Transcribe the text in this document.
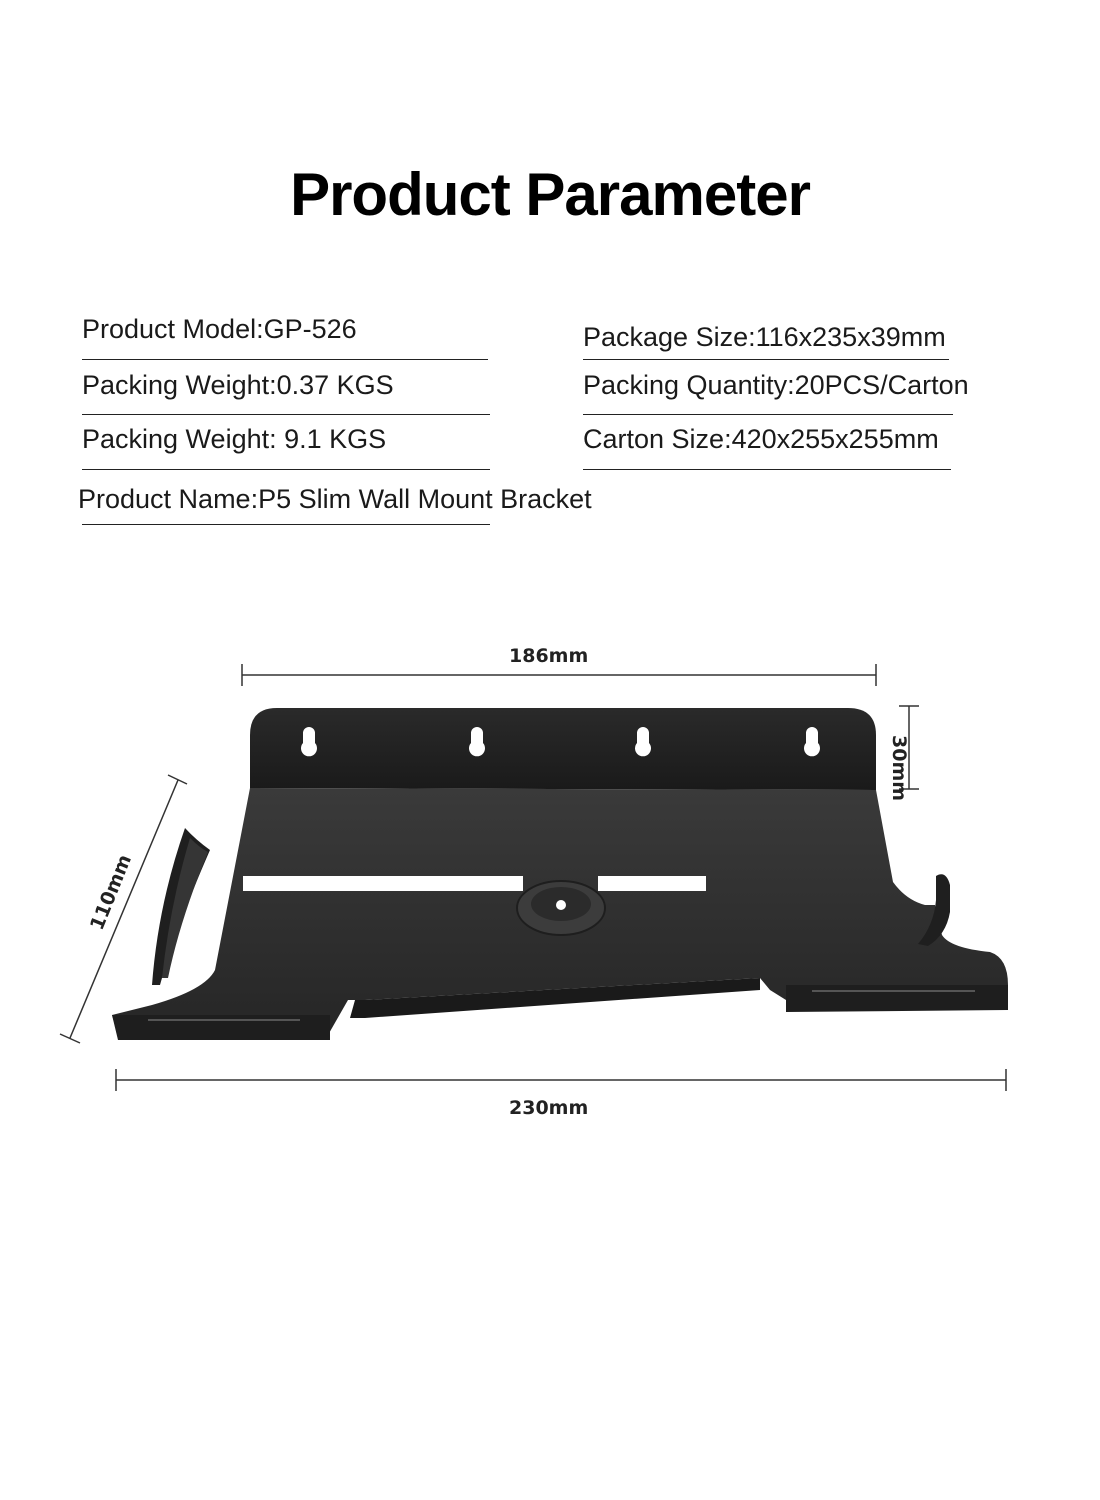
Product Parameter
Product Model:GP-526
Packing Weight:0.37 KGS
Packing Weight: 9.1 KGS
Product Name:P5 Slim Wall Mount Bracket
Package Size:116x235x39mm
Packing Quantity:20PCS/Carton
Carton Size:420x255x255mm
186mm
30mm
110mm
230mm
